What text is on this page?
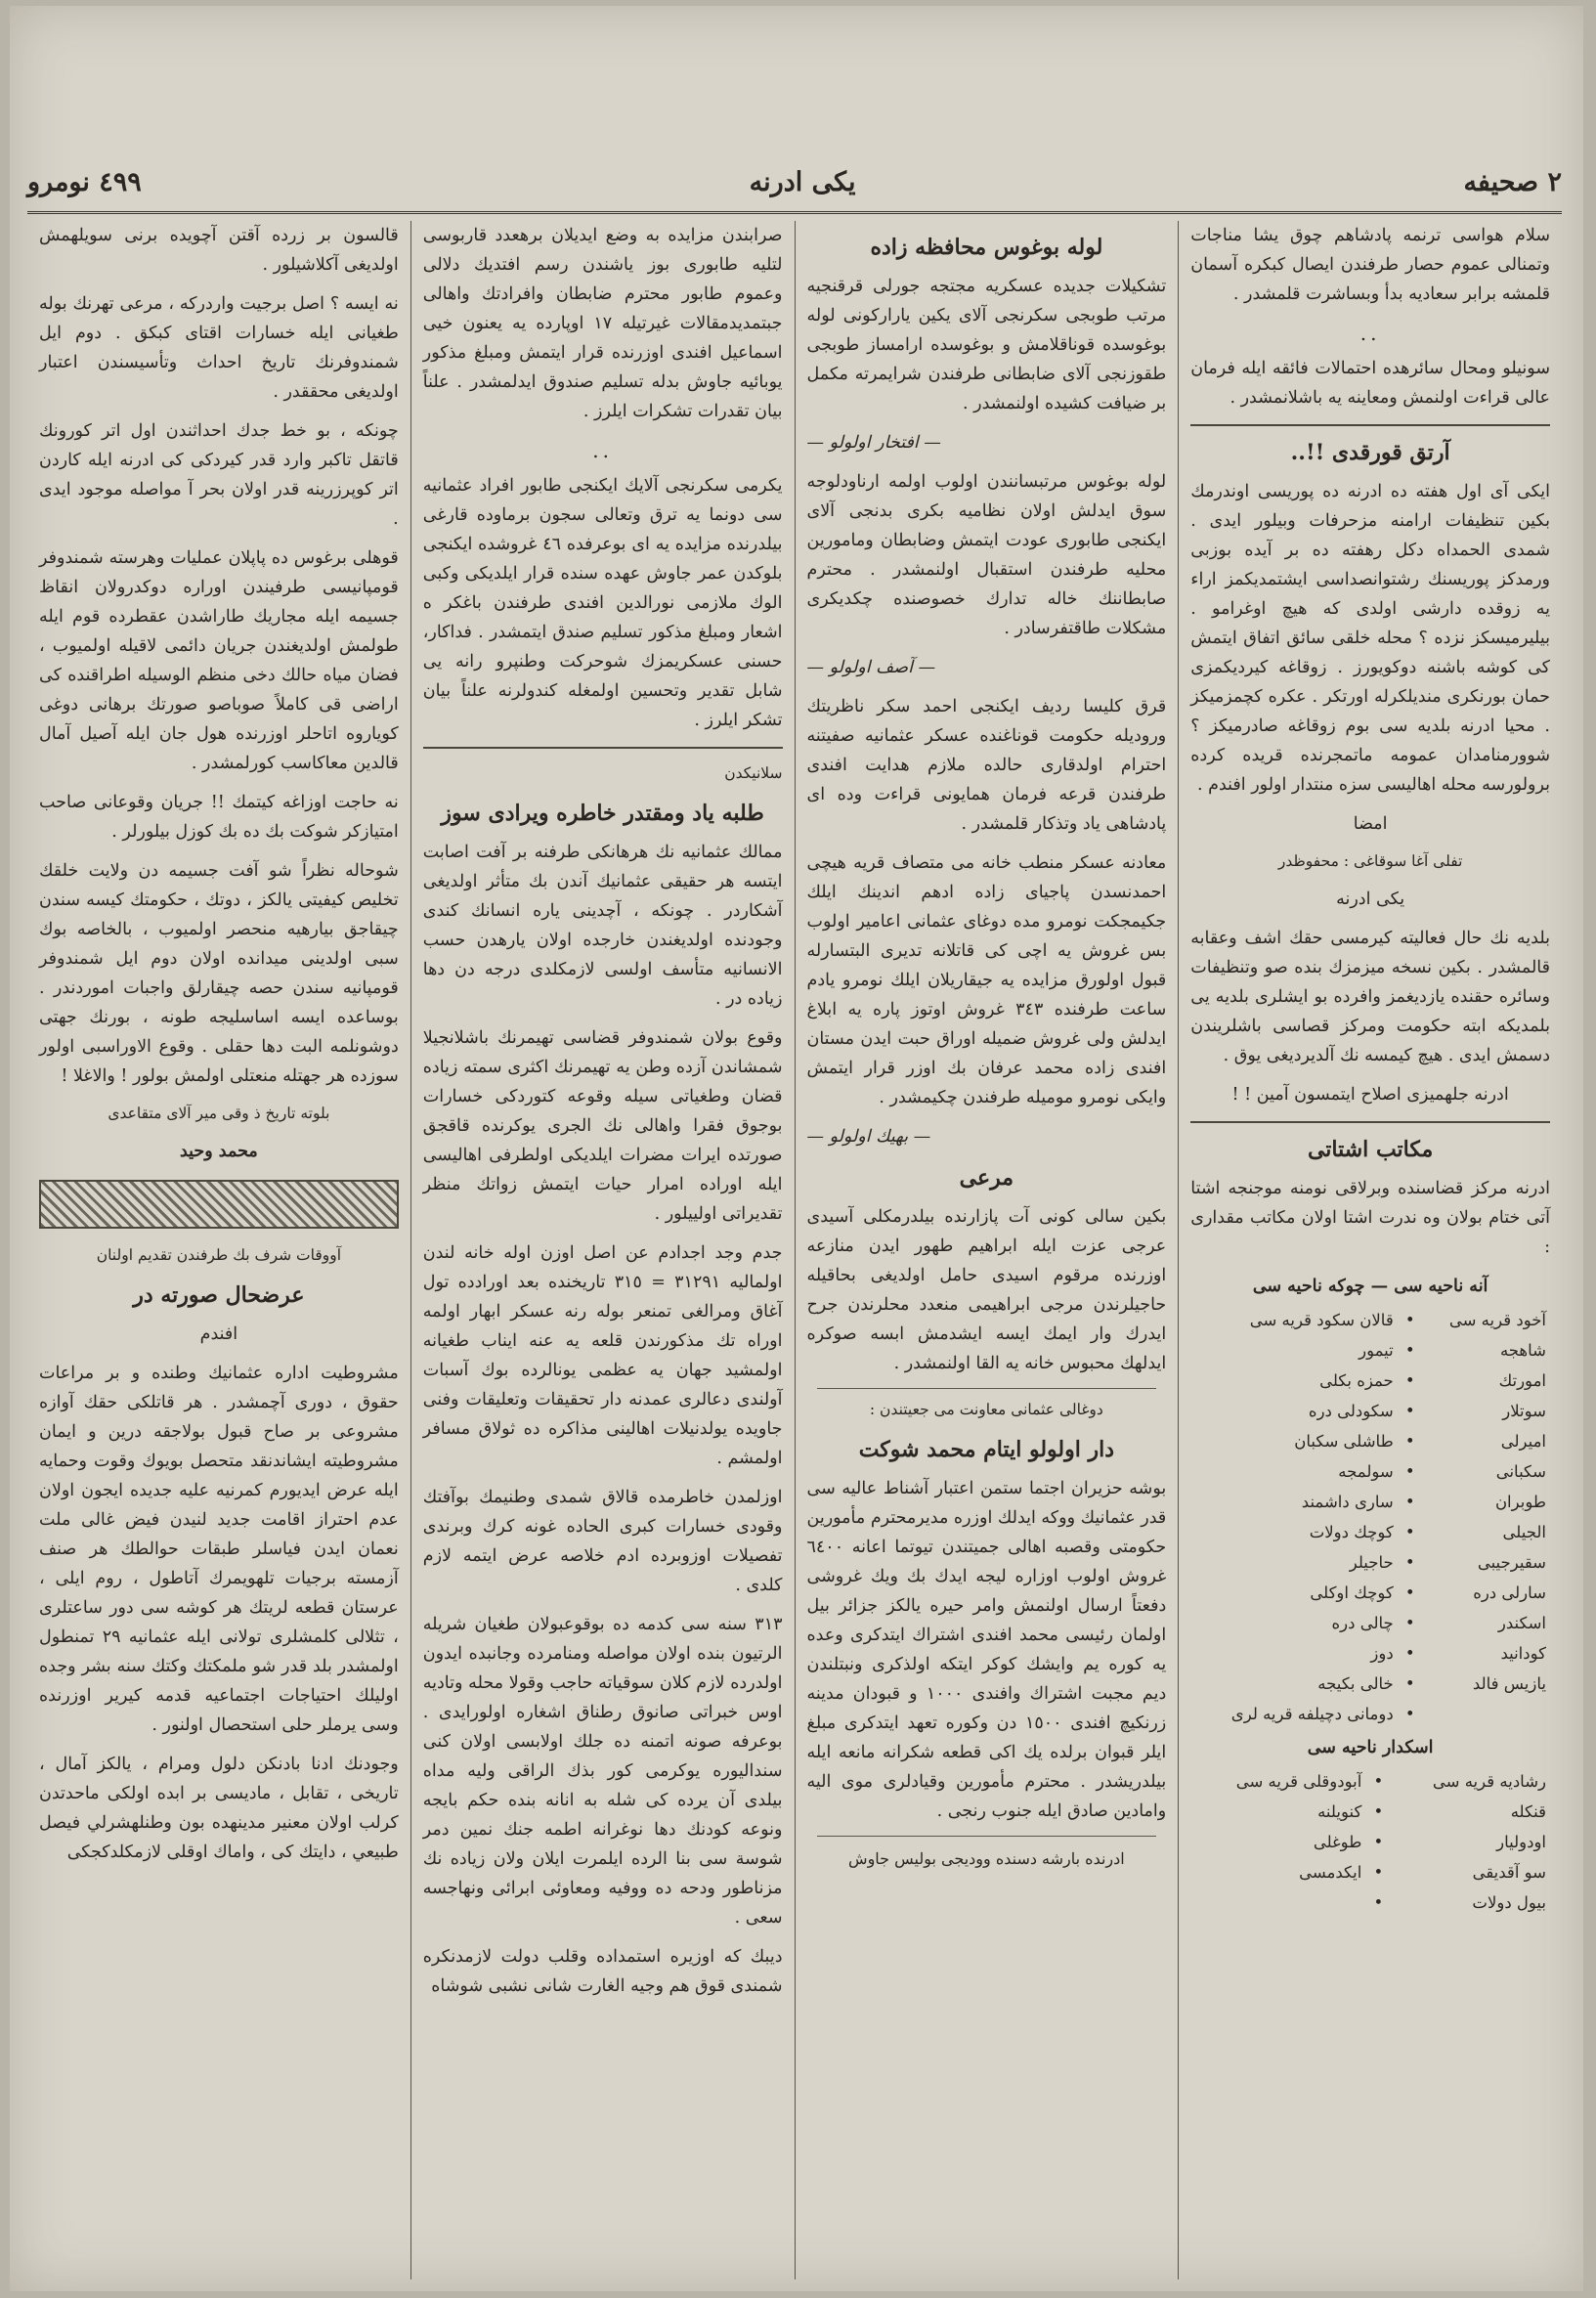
٢ صحيفه
يكى ادرنه
٤٩٩ نومرو

سلام هواسى ترنمه پادشاهم چوق يشا مناجات وتمنالى عموم حصار طرفندن ايصال كبكره آسمان قلمشه برابر سعاديه بدأ وبساشرت قلمشدر .

..

سونيلو ومحال سائرهده احتمالات فائقه ايله فرمان عالى قراءت اولنمش ومعاينه يه باشلانمشدر .

آرتق قورقدى !!..

ايكى آى اول هفته ده ادرنه ده پوريسى اوندرمك بكين تنظيفات ارامنه مزحرفات وبيلور ايدى . شمدى الحمداه دكل رهفته ده بر آيده بوزبى ورمدكز پوريسنك رشتوانصداسى ايشتمديكمز اراء يه زوقده دارشى اولدى كه هيچ اوغرامو . بيليرميسكز نزده ؟ محله خلقى سائق اتفاق ايتمش كى كوشه باشنه دوكويورز . زوقاغه كيرديكمزى حمان بورنكرى منديلكرله اورتكر . عكره كچمزميكز . محيا ادرنه بلديه سى بوم زوقاغه صادرميكز ؟ شوورمنامدان عمومه ماتمجرنده قريده كرده برولورسه محله اهاليسى سزه منتدار اولور افندم .

امضا

تفلى آغا سوقاغى : محفوظدر

يكى ادرنه

بلديه نك حال فعاليته كيرمسى حقك اشف وعقابه قالمشدر . بكين نسخه ميزمزك بنده صو وتنظيفات وسائره حقنده يازديغمز وافرده بو ايشلرى بلديه يى بلمديكه ابته حكومت ومركز قصاسى باشلريندن دسمش ايدى . هيچ كيمسه نك آلديرديغى يوق .

ادرنه جلهميزى اصلاح ايتمسون آمين ! !

مكاتب اشتاتى

ادرنه مركز قضاسنده وبرلاقى نومنه موجنجه اشتا آتى ختام بولان وه ندرت اشتا اولان مكاتب مقدارى :

آنه ناحيه سى — چوكه ناحيه سى
آخود قريه سى	•	قالان سكود قريه سى
شاهجه	•	تيمور
امورتك	•	حمزه بكلى
سوتلار	•	سكودلى دره
اميرلى	•	طاشلى سكبان
سكبانى	•	سولمجه
طوبران	•	سارى داشمند
الجيلى	•	كوچك دولات
سقيرجيبى	•	حاجيلر
سارلى دره	•	كوچك اوكلى
اسكندر	•	چالى دره
كودانيد	•	دوز
يازيس فالد	•	خالى بكيجه
	•	دومانى دچيلفه قريه لرى
اسكدار ناحيه سى
رشاديه قريه سى	•	آبودوقلى قريه سى
قنكله	•	كنويلنه
اودوليار	•	طوغلى
سو آقديقى	•	ايكدمسى
بيول دولات	•	
لوله بوغوس محافظه زاده

تشكيلات جديده عسكريه مجتجه جورلى قرقنجيه مرتب طوبجى سكرنجى آلاى يكين ياراركونى لوله بوغوسده قوناقلامش و بوغوسده ارامساز طوبجى طقوزنجى آلاى ضابطانى طرفندن شرايمرته مكمل بر ضيافت كشيده اولنمشدر .

— افتخار اولولو —

لوله بوغوس مرتبسانندن اولوب اولمه ارناودلوجه سوق ايدلش اولان نظاميه بكرى بدنجى آلاى ايكنجى طابورى عودت ايتمش وضابطان ومامورين محليه طرفندن استقبال اولنمشدر . محترم صابطاننك خاله تدارك خصوصنده چكديكرى مشكلات طاقتفرسادر .

— آصف اولولو —

قرق كليسا رديف ايكنجى احمد سكر ناظريتك وروديله حكومت قوناغنده عسكر عثمانيه صفيتنه احترام اولدقارى حالده ملازم هدايت افندى طرفندن قرعه فرمان همايونى قراءت وده اى پادشاهى ياد وتذكار قلمشدر .

معادنه عسكر منطب خانه مى متصاف قريه هيچى احمدنسدن پاجياى زاده ادهم اندينك ايلك جكيمجكت نومرو مده دوغاى عثمانى اعامير اولوب بس غروش يه اچى كى قاتلانه تديرى البتسارله قبول اولورق مزايده يه جيقاريلان ايلك نومرو يادم ساعت طرفنده ٣٤٣ غروش اوتوز پاره يه ابلاغ ايدلش ولى غروش ضميله اوراق حبت ايدن مستان افندى زاده محمد عرفان بك اوزر قرار ايتمش وايكى نومرو موميله طرفندن چكيمشدر .

— بهيك اولولو —

مرعى

بكين سالى كونى آت پازارنده بيلدرمكلى آسيدى عرجى عزت ايله ابراهيم طهور ايدن منازعه اوزرنده مرقوم اسيدى حامل اولديغى بحاقيله حاجيلرندن مرجى ابراهيمى منعدد محلرندن جرح ايدرك وار ايمك ايسه ايشدمش ابسه صوكره ايدلهك محبوس خانه يه القا اولنمشدر .

دوغالى عثمانى معاونت مى جعيتندن :

دار اولولو ايتام محمد شوكت

بوشه حزيران اجتما ستمن اعتبار آشناط عاليه سى قدر عثمانيك ووكه ايدلك اوزره مديرمحترم مأمورين حكومتى وقصبه اهالى جميتندن تيوتما اعانه ٦٤٠٠ غروش اولوب اوزاره ليجه ايدك بك ويك غروشى دفعتاً ارسال اولنمش وامر حيره يالكز جزائر بيل اولمان رئيسى محمد افندى اشتراك ايتدكرى وعده يه كوره يم وايشك كوكر ايتكه اولذكرى ونبتلندن ديم مجبت اشتراك وافندى ١٠٠٠ و قبودان مدينه زرنكيچ افندى ١٥٠٠ دن وكوره تعهد ايتدكرى مبلغ ايلر قبوان برلده يك اكى قطعه شكرانه مانعه ايله بيلدريشدر . محترم مأمورين وقيادلرى موى اليه وامادين صادق ايله جنوب رنجى .

ادرنده بارشه دسنده ووديجى بوليس جاوش

صرابندن مزايده به وضع ايديلان برهعدد قاربوسى لتليه طابورى بوز ياشندن رسم افتديك دلالى وعموم طابور محترم ضابطان وافرادتك واهالى جبتمديدمقالات غيرتيله ١٧ اوپارده يه يعنون خيى اسماعيل افندى اوزرنده قرار ايتمش ومبلغ مذكور يوبائيه جاوش بدله تسليم صندوق ايدلمشدر . علناً بيان تقدرات تشكرات ايلرز .

..

يكرمى سكرنجى آلايك ايكنجى طابور افراد عثمانيه سى دونما يه ترق وتعالى سجون برماوده قارغى بيلدرنده مزايده يه اى بوعرفده ٤٦ غروشده ايكنجى بلوكدن عمر جاوش عهده سنده قرار ايلديكى وكبى الوك ملازمى نورالدين افندى طرفندن باغكر ه اشعار ومبلغ مذكور تسليم صندق ايتمشدر . فداكار، حسنى عسكريمزك شوحركت وطنپرو رانه يى شابل تقدير وتحسين اولمغله كندولرنه علناً بيان تشكر ايلرز .

سلانيكدن

طلبه ياد ومقتدر خاطره ويرادى سوز

ممالك عثمانيه نك هرهانكى طرفنه بر آفت اصابت ايتسه هر حقيقى عثمانيك آندن بك متأثر اولديغى آشكاردر . چونكه ، آچدينى ياره انسانك كندى وجودنده اولديغندن خارجده اولان يارهدن حسب الانسانيه متأسف اولسى لازمكلدى درجه دن دها زياده در .

وقوع بولان شمندوفر قضاسى تهيمرنك باشلانجيلا شمشاندن آزده وطن يه تهيمرنك اكثرى سمته زياده قضان وطغياتى سيله وقوعه كتوردكى خسارات بوجوق فقرا واهالى نك الجرى يوكرنده قاقجق صورتده ايرات مضرات ايلديكى اولطرفى اهاليسى ايله اوراده امرار حيات ايتمش زواتك منظر تقديراتى اولييلور .

جدم وجد اجدادم عن اصل اوزن اوله خانه لندن اولماليه ٣١٢٩١ = ٣١٥ تاريخنده بعد اورادده تول آغاق ومرالغى تمنعر بوله رنه عسكر ابهار اولمه اوراه تك مذكورندن قلعه يه عنه ايناب طغيانه اولمشيد جهان يه عظمى يونالرده بوك آسبات آولندى دعالرى عمدنه دار تحقيقات وتعليقات وفنى جاويده يولدنيلات اهالينى مذاكره ده ثولاق مسافر اولمشم .

اوزلمدن خاطرمده قالاق شمدى وطنيمك بوآفتك وقودى خسارات كبرى الحاده غونه كرك وبرندى تفصيلات اوزوبرده ادم خلاصه عرض ايتمه لازم كلدى .

٣١٣ سنه سى كدمه ده بوقوعبولان طغيان شريله الرتيون بنده اولان مواصله ومنامرده وجانبده ايدون اولدرده لازم كلان سوقياته حاجب وقولا محله وتاديه اوس خبراتى صانوق رطناق اشغاره اولورايدى . بوعرفه صونه اتمنه ده جلك اولابسى اولان كنى سنداليوره يوكرمى كور بذك الراقى وليه مداه بيلدى آن يرده كى شله به انانه بنده حكم بايجه ونوعه كودنك دها نوغرانه اطمه جنك نمين دمر شوسة سى بنا الرده ايلمرت ايلان ولان زياده نك مزناطور ودحه ده ووفيه ومعاوئى ابرائى ونهاجسه سعى .

ديبك كه اوزيره استمداده وقلب دولت لازمدنكره شمندى قوق هم وجيه الغارت شانى نشبى شوشاه

قالسون بر زرده آقتن آچويده برنى سويلهمش اولديغى آكلاشيلور .

نه ايسه ؟ اصل برجيت واردركه ، مرعى تهرنك بوله طغيانى ايله خسارات اقتاى كبكق . دوم ايل شمندوفرنك تاريخ احداث وتأسيسندن اعتبار اولديغى محققدر .

چونكه ، بو خط جدك احداثندن اول اتر كورونك قاتقل تاكبر وارد قدر كيردكى كى ادرنه ايله كاردن اتر كوپرزرينه قدر اولان بحر آ مواصله موجود ايدى .

قوهلى برغوس ده پاپلان عمليات وهرسته شمندوفر قومپانيسى طرفيندن اوراره دوكدرولان انقاظ جسيمه ايله مجاريك طاراشدن عقطرده قوم ايله طولمش اولديغندن جريان دائمى لاقيله اولميوب ، فضان مياه حالك دخى منظم الوسيله اطراقنده كى اراضى قى كاملاً صوباصو صورتك برهانى دوغى كوياروه اتاحلر اوزرنده هول جان ايله آصيل آمال قالدين معاكاسب كورلمشدر .

نه حاجت اوزاغه كيتمك !! جريان وقوعانى صاحب امتيازكر شوكت بك ده بك كوزل بيلورلر .

شوحاله نظراً شو آفت جسيمه دن ولايت خلقك تخليص كيفيتى يالكز ، دوتك ، حكومتك كيسه سندن چيقاجق بيارهيه منحصر اولميوب ، بالخاصه بوك سبى اولدينى ميدانده اولان دوم ايل شمندوفر قومپانيه سندن حصه چيقارلق واجبات اموردندر . بوساعده ايسه اساسليجه طونه ، بورنك جهتى دوشونلمه البت دها حقلى . وقوع الاوراسبى اولور سوزده هر جهتله منعتلى اولمش بولور ! والاغلا !

بلوته تاريخ ذ وقى مير آلاى متقاعدى

محمد وحيد

آووقات شرف بك طرفندن تقديم اولنان

عرضحال صورته در

افندم

مشروطيت اداره عثمانيك وطنده و بر مراعات حقوق ، دورى آچمشدر . هر قاتلكى حقك آوازه مشروعى بر صاح قبول بولاجقه درين و ايمان مشروطيته ايشاندنقد متحصل بويوك وقوت وحمايه ايله عرض ايديورم كمرنيه عليه جديده ايجون اولان عدم احتراز اقامت جديد لنيدن فيض غالى ملت نعمان ايدن فياسلر طبقات حوالطك هر صنف آزمسته برجيات تلهويمرك آتاطول ، روم ايلى ، عرستان قطعه لريتك هر كوشه سى دور ساعتلرى ، تثلالى كلمشلرى تولانى ايله عثمانيه ٢٩ تمنطول اولمشدر بلد قدر شو ملمكتك وكتك سنه بشر وجده اوليلك احتياجات اجتماعيه قدمه كيرير اوزرنده وسى يرملر حلى استحصال اولنور .

وجودنك ادنا بادنكن دلول ومرام ، يالكز آمال ، تاريخى ، تقابل ، ماديسى بر ابده اولكى ماحدتدن كرلب اولان معنير مدينهده بون وطنلهشرلي فيصل طبيعي ، دايتك كى ، واماك اوقلى لازمكلدكجكى
